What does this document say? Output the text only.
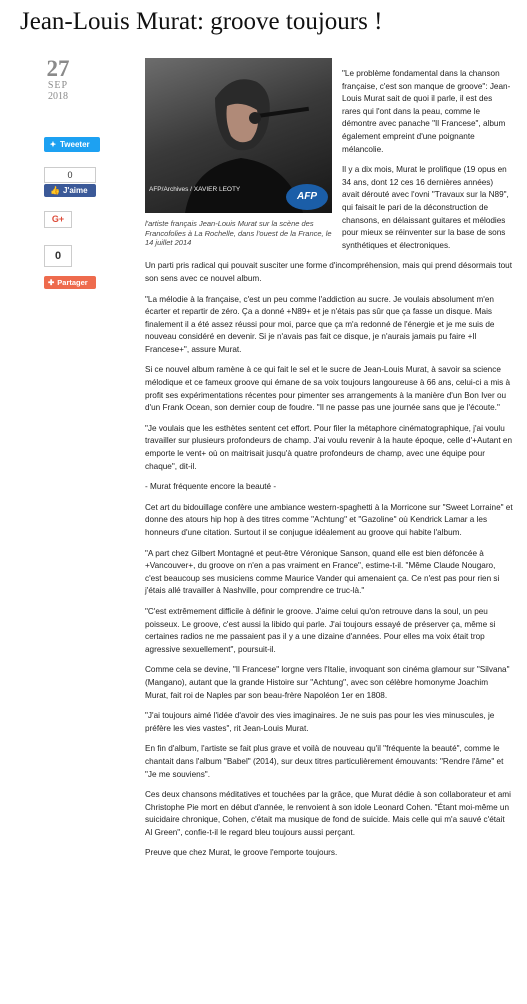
Jean-Louis Murat: groove toujours !
27
SEP
2018
✦ Tweeter
0
👍 J'aime
G+
0
✚ Partager
AFP/Archives / XAVIER LEOTY
AFP

l'artiste français Jean-Louis Murat sur la scène des Francofolies à La Rochelle, dans l'ouest de la France, le 14 juillet 2014

"Le problème fondamental dans la chanson française, c'est son manque de groove": Jean-Louis Murat sait de quoi il parle, il est des rares qui l'ont dans la peau, comme le démontre avec panache "Il Francese", album également empreint d'une poignante mélancolie.

Il y a dix mois, Murat le prolifique (19 opus en 34 ans, dont 12 ces 16 dernières années) avait dérouté avec l'ovni "Travaux sur la N89", qui faisait le pari de la déconstruction de chansons, en délaissant guitares et mélodies pour mieux se réinventer sur la base de sons synthétiques et électroniques.

Un parti pris radical qui pouvait susciter une forme d'incompréhension, mais qui prend désormais tout son sens avec ce nouvel album.

"La mélodie à la française, c'est un peu comme l'addiction au sucre. Je voulais absolument m'en écarter et repartir de zéro. Ça a donné +N89+ et je n'étais pas sûr que ça fasse un disque. Mais finalement il a été assez réussi pour moi, parce que ça m'a redonné de l'énergie et je me suis de nouveau considéré en devenir. Si je n'avais pas fait ce disque, je n'aurais jamais pu faire +Il Francese+", assure Murat.

Si ce nouvel album ramène à ce qui fait le sel et le sucre de Jean-Louis Murat, à savoir sa science mélodique et ce fameux groove qui émane de sa voix toujours langoureuse à 66 ans, celui-ci a mis à profit ses expérimentations récentes pour pimenter ses arrangements à la manière d'un Bon Iver ou d'un Frank Ocean, son dernier coup de foudre. "Il ne passe pas une journée sans que je l'écoute."

"Je voulais que les esthètes sentent cet effort. Pour filer la métaphore cinématographique, j'ai voulu travailler sur plusieurs profondeurs de champ. J'ai voulu revenir à la haute époque, celle d'+Autant en emporte le vent+ où on maitrisait jusqu'à quatre profondeurs de champ, avec une équipe pour chaque", dit-il.

- Murat fréquente encore la beauté -

Cet art du bidouillage confère une ambiance western-spaghetti à la Morricone sur "Sweet Lorraine" et donne des atours hip hop à des titres comme "Achtung" et "Gazoline" où Kendrick Lamar a les honneurs d'une citation. Surtout il se conjugue idéalement au groove qui habite l'album.

"A part chez Gilbert Montagné et peut-être Véronique Sanson, quand elle est bien défoncée à +Vancouver+, du groove on n'en a pas vraiment en France", estime-t-il. "Même Claude Nougaro, c'est beaucoup ses musiciens comme Maurice Vander qui amenaient ça. Ce n'est pas pour rien si j'étais allé travailler à Nashville, pour comprendre ce truc-là."

"C'est extrêmement difficile à définir le groove. J'aime celui qu'on retrouve dans la soul, un peu poisseux. Le groove, c'est aussi la libido qui parle. J'ai toujours essayé de préserver ça, même si certaines radios ne me passaient pas il y a une dizaine d'années. Pour elles ma voix était trop agressive sexuellement", poursuit-il.

Comme cela se devine, "Il Francese" lorgne vers l'Italie, invoquant son cinéma glamour sur "Silvana" (Mangano), autant que la grande Histoire sur "Achtung", avec son célèbre homonyme Joachim Murat, fait roi de Naples par son beau-frère Napoléon 1er en 1808.

"J'ai toujours aimé l'idée d'avoir des vies imaginaires. Je ne suis pas pour les vies minuscules, je préfère les vies vastes", rit Jean-Louis Murat.

En fin d'album, l'artiste se fait plus grave et voilà de nouveau qu'il "fréquente la beauté", comme le chantait dans l'album "Babel" (2014), sur deux titres particulièrement émouvants: "Rendre l'âme" et "Je me souviens".

Ces deux chansons méditatives et touchées par la grâce, que Murat dédie à son collaborateur et ami Christophe Pie mort en début d'année, le renvoient à son idole Leonard Cohen. "Étant moi-même un suicidaire chronique, Cohen, c'était ma musique de fond de suicide. Mais celle qui m'a sauvé c'était Al Green", confie-t-il le regard bleu toujours aussi perçant.

Preuve que chez Murat, le groove l'emporte toujours.
